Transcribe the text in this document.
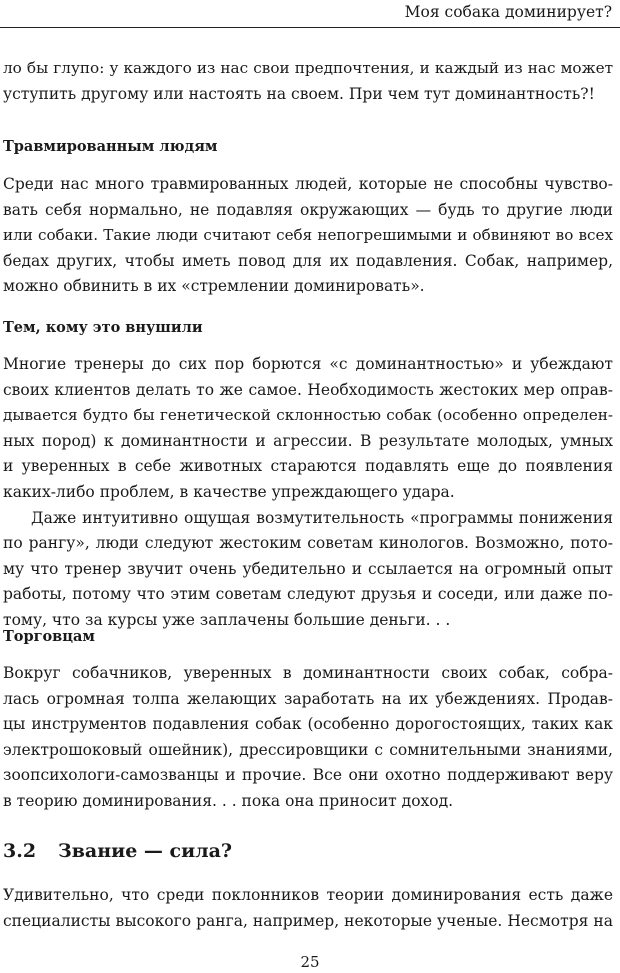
Моя собака доминирует?
ло бы глупо: у каждого из нас свои предпочтения, и каждый из нас может
уступить другому или настоять на своем. При чем тут доминантность?!
Травмированным людям
Среди нас много травмированных людей, которые не способны чувство-
вать себя нормально, не подавляя окружающих — будь то другие люди
или собаки. Такие люди считают себя непогрешимыми и обвиняют во всех
бедах других, чтобы иметь повод для их подавления. Собак, например,
можно обвинить в их «стремлении доминировать».
Тем, кому это внушили
Многие тренеры до сих пор борются «с доминантностью» и убеждают
своих клиентов делать то же самое. Необходимость жестоких мер оправ-
дывается будто бы генетической склонностью собак (особенно определен-
ных пород) к доминантности и агрессии. В результате молодых, умных
и уверенных в себе животных стараются подавлять еще до появления
каких-либо проблем, в качестве упреждающего удара.
Даже интуитивно ощущая возмутительность «программы понижения
по рангу», люди следуют жестоким советам кинологов. Возможно, пото-
му что тренер звучит очень убедительно и ссылается на огромный опыт
работы, потому что этим советам следуют друзья и соседи, или даже по-
тому, что за курсы уже заплачены большие деньги. . .
Торговцам
Вокруг собачников, уверенных в доминантности своих собак, собра-
лась огромная толпа желающих заработать на их убеждениях. Продав-
цы инструментов подавления собак (особенно дорогостоящих, таких как
электрошоковый ошейник), дрессировщики с сомнительными знаниями,
зоопсихологи-самозванцы и прочие. Все они охотно поддерживают веру
в теорию доминирования. . . пока она приносит доход.
3.2 Звание — сила?
Удивительно, что среди поклонников теории доминирования есть даже
специалисты высокого ранга, например, некоторые ученые. Несмотря на
25
